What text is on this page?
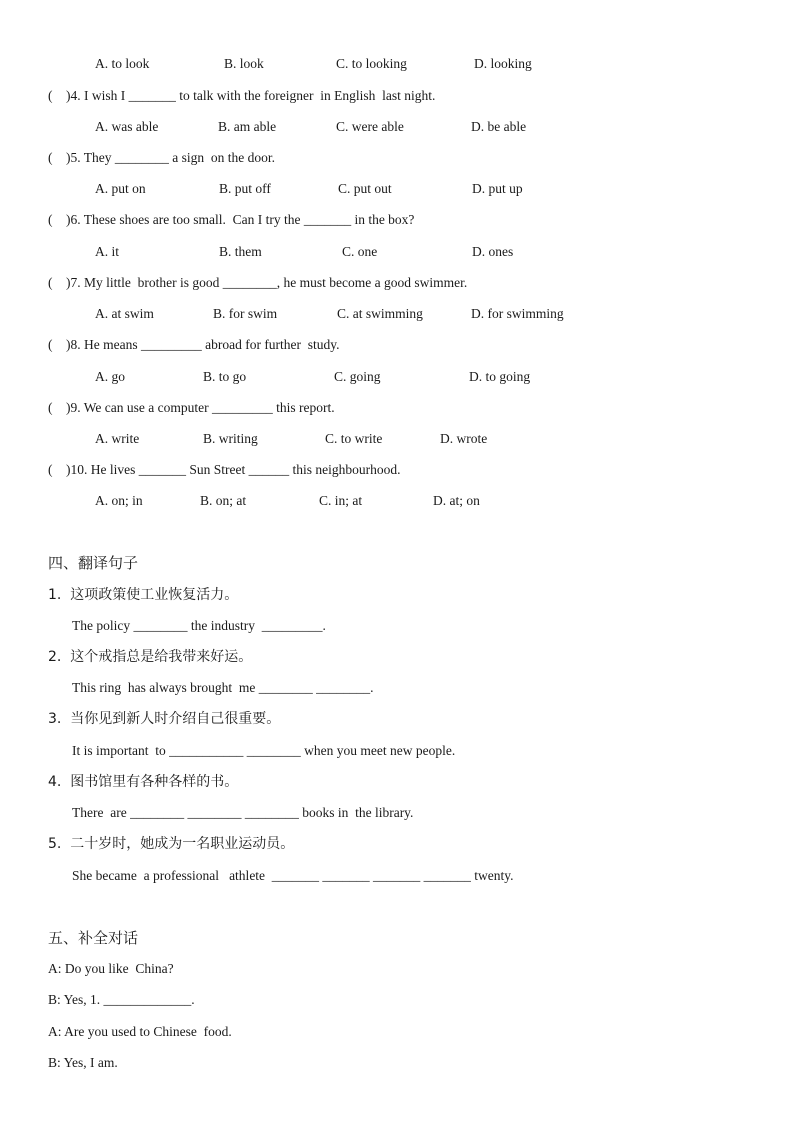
A. to look	B. look	C. to looking	D. looking
(    )4. I wish I _______ to talk with the foreigner  in English  last night.
A. was able	B. am able	C. were able	D. be able
(    )5. They ________ a sign  on the door.
A. put on	B. put off	C. put out	D. put up
(    )6. These shoes are too small.  Can I try the _______ in the box?
A. it	B. them	C. one	D. ones
(    )7. My little  brother is good ________, he must become a good swimmer.
A. at swim	B. for swim	C. at swimming	D. for swimming
(    )8. He means _________ abroad for further  study.
A. go	B. to go	C. going	D. to going
(    )9. We can use a computer _________ this report.
A. write	B. writing	C. to write	D. wrote
(    )10. He lives _______ Sun Street ______ this neighbourhood.
A. on; in	B. on; at	C. in; at	D. at; on
四、翻译句子
1.  这项政策使工业恢复活力。
The policy ________ the industry  _________.
2.  这个戒指总是给我带来好运。
This ring  has always brought  me ________ ________.
3.  当你见到新人时介绍自己很重要。
It is important  to ___________ ________ when you meet new people.
4.  图书馆里有各种各样的书。
There  are ________ ________ ________ books in  the library.
5.  二十岁时，她成为一名职业运动员。
She became  a professional   athlete  _______ _______ _______ _______ twenty.
五、补全对话
A: Do you like  China?
B: Yes, 1. _____________.
A: Are you used to Chinese  food.
B: Yes, I am.
